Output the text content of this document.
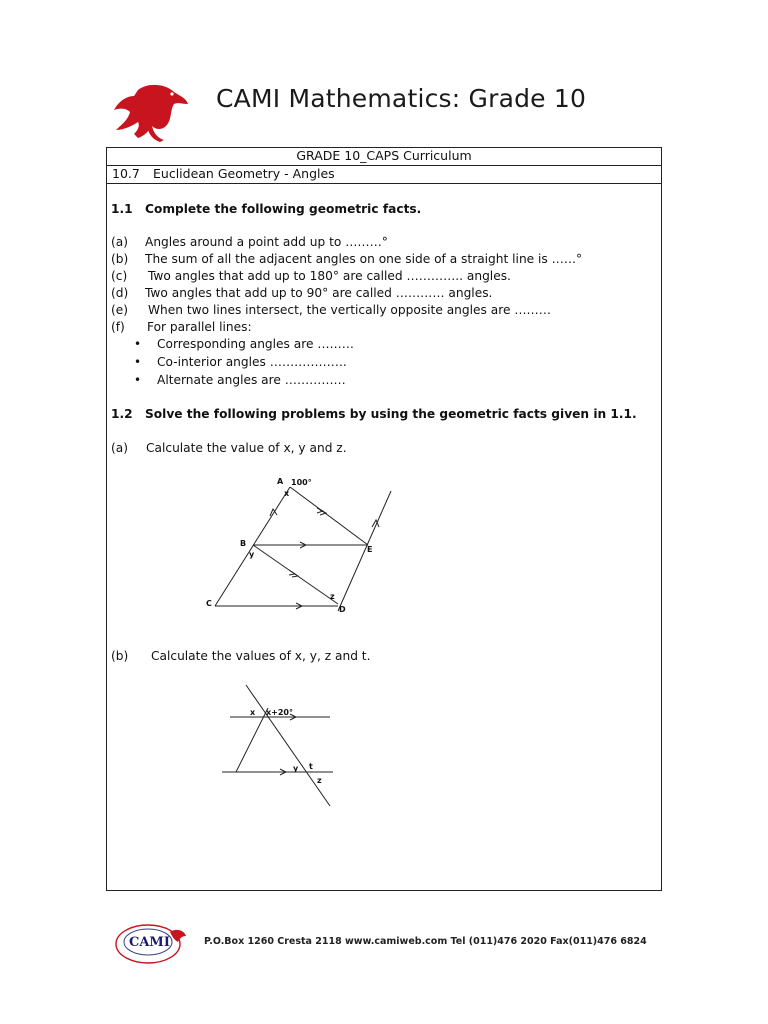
CAMI Mathematics: Grade 10
GRADE 10_CAPS Curriculum
10.7 Euclidean Geometry - Angles
1.1 Complete the following geometric facts.
(a) Angles around a point add up to ………°
(b) The sum of all the adjacent angles on one side of a straight line is ……°
(c) Two angles that add up to 180° are called ………….. angles.
(d) Two angles that add up to 90° are called ………… angles.
(e) When two lines intersect, the vertically opposite angles are ………
(f) For parallel lines:
• Corresponding angles are ………
• Co-interior angles ……………….
• Alternate angles are ……………
1.2 Solve the following problems by using the geometric facts given in 1.1.
(a) Calculate the value of x, y and z.
(b) Calculate the values of x, y, z and t.
A 100°
x
B
y
E
C
D
z
x x+20°
y t
z
CAMI	P.O.Box 1260 Cresta 2118 www.camiweb.com Tel (011)476 2020 Fax(011)476 6824
